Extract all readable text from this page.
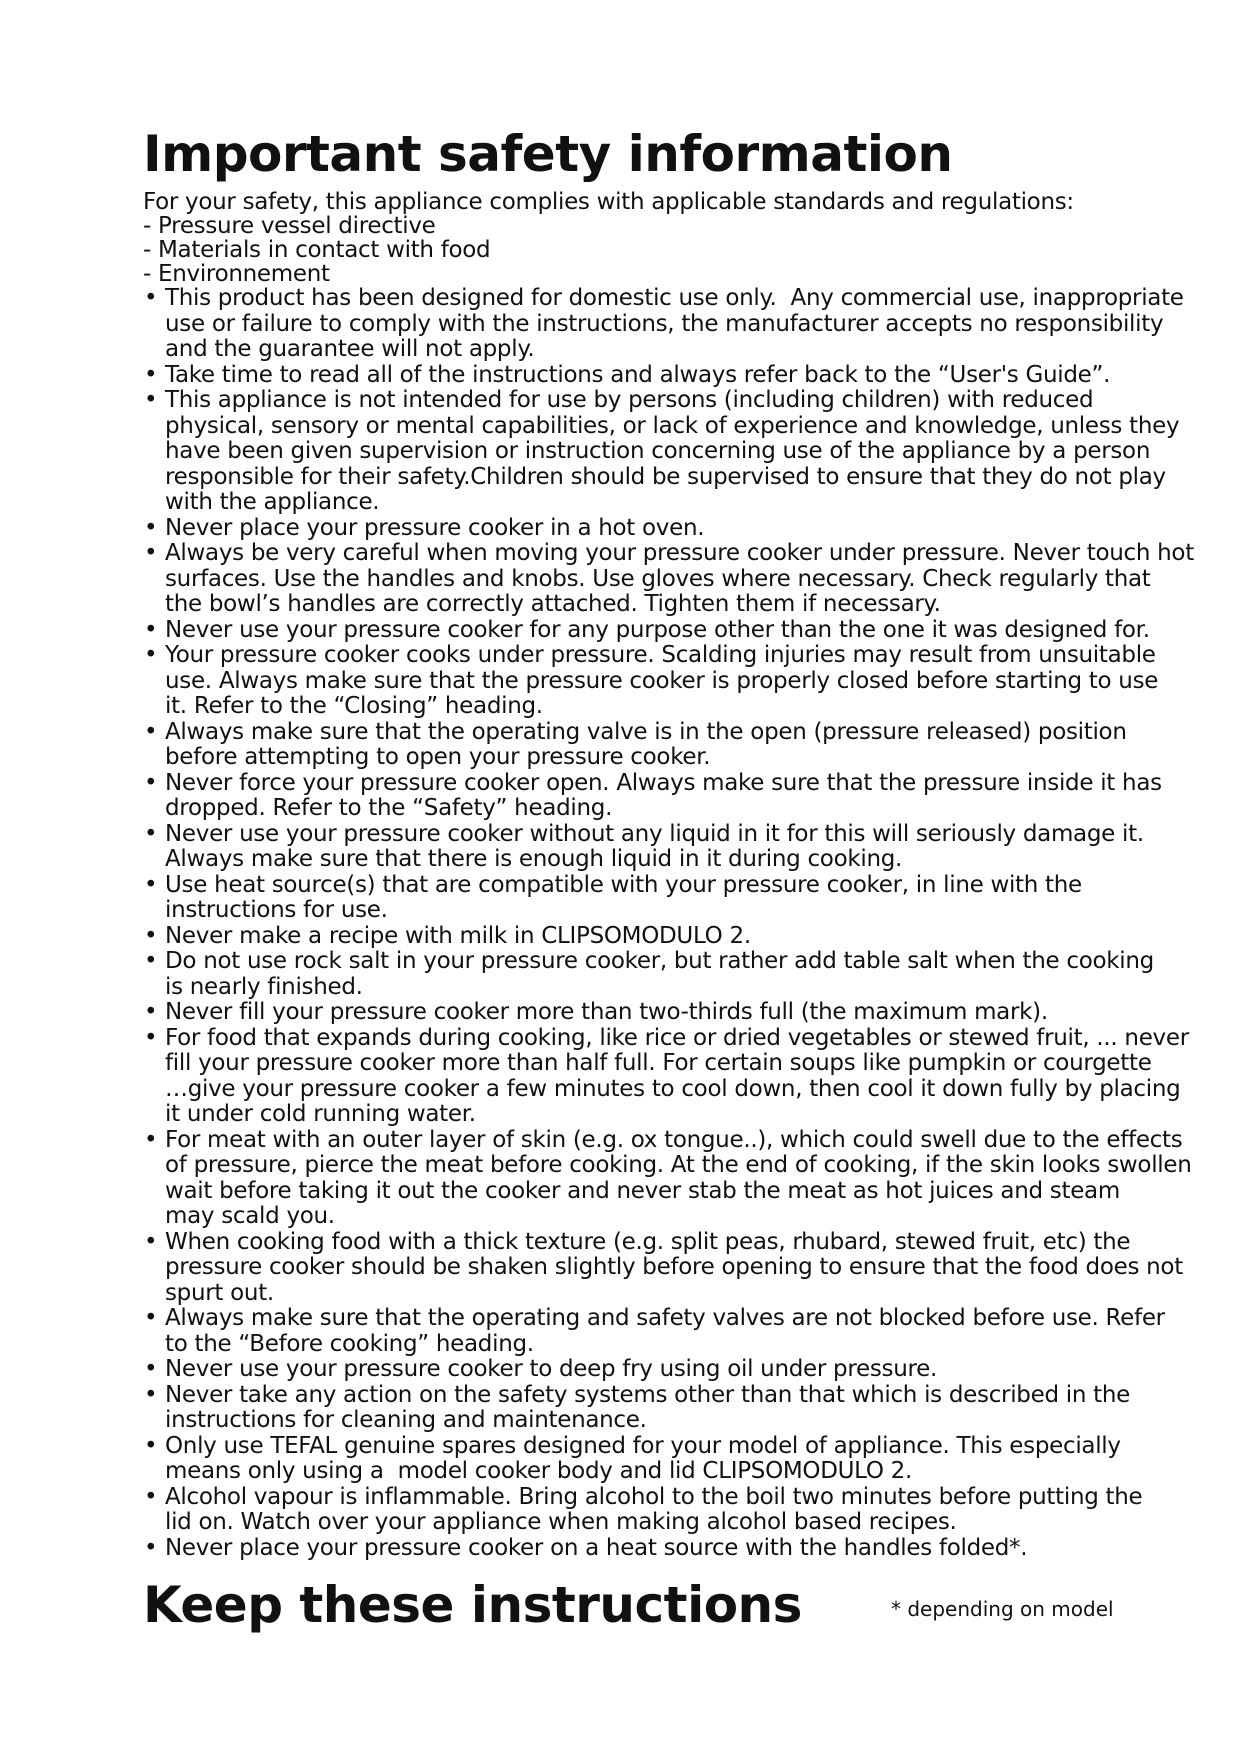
Important safety information
For your safety, this appliance complies with applicable standards and regulations:
- Pressure vessel directive
- Materials in contact with food
- Environnement
• This product has been designed for domestic use only.  Any commercial use, inappropriate
use or failure to comply with the instructions, the manufacturer accepts no responsibility
and the guarantee will not apply.
• Take time to read all of the instructions and always refer back to the “User's Guide”.
• This appliance is not intended for use by persons (including children) with reduced
physical, sensory or mental capabilities, or lack of experience and knowledge, unless they
have been given supervision or instruction concerning use of the appliance by a person
responsible for their safety.Children should be supervised to ensure that they do not play
with the appliance.
• Never place your pressure cooker in a hot oven.
• Always be very careful when moving your pressure cooker under pressure. Never touch hot
surfaces. Use the handles and knobs. Use gloves where necessary. Check regularly that
the bowl’s handles are correctly attached. Tighten them if necessary.
• Never use your pressure cooker for any purpose other than the one it was designed for.
• Your pressure cooker cooks under pressure. Scalding injuries may result from unsuitable
use. Always make sure that the pressure cooker is properly closed before starting to use
it. Refer to the “Closing” heading.
• Always make sure that the operating valve is in the open (pressure released) position
before attempting to open your pressure cooker.
• Never force your pressure cooker open. Always make sure that the pressure inside it has
dropped. Refer to the “Safety” heading.
• Never use your pressure cooker without any liquid in it for this will seriously damage it.
Always make sure that there is enough liquid in it during cooking.
• Use heat source(s) that are compatible with your pressure cooker, in line with the
instructions for use.
• Never make a recipe with milk in CLIPSOMODULO 2.
• Do not use rock salt in your pressure cooker, but rather add table salt when the cooking
is nearly finished.
• Never fill your pressure cooker more than two-thirds full (the maximum mark).
• For food that expands during cooking, like rice or dried vegetables or stewed fruit, ... never
fill your pressure cooker more than half full. For certain soups like pumpkin or courgette
…give your pressure cooker a few minutes to cool down, then cool it down fully by placing
it under cold running water.
• For meat with an outer layer of skin (e.g. ox tongue..), which could swell due to the effects
of pressure, pierce the meat before cooking. At the end of cooking, if the skin looks swollen
wait before taking it out the cooker and never stab the meat as hot juices and steam
may scald you.
• When cooking food with a thick texture (e.g. split peas, rhubard, stewed fruit, etc) the
pressure cooker should be shaken slightly before opening to ensure that the food does not
spurt out.
• Always make sure that the operating and safety valves are not blocked before use. Refer
to the “Before cooking” heading.
• Never use your pressure cooker to deep fry using oil under pressure.
• Never take any action on the safety systems other than that which is described in the
instructions for cleaning and maintenance.
• Only use TEFAL genuine spares designed for your model of appliance. This especially
means only using a  model cooker body and lid CLIPSOMODULO 2.
• Alcohol vapour is inflammable. Bring alcohol to the boil two minutes before putting the
lid on. Watch over your appliance when making alcohol based recipes.
• Never place your pressure cooker on a heat source with the handles folded*.
Keep these instructions	* depending on model
